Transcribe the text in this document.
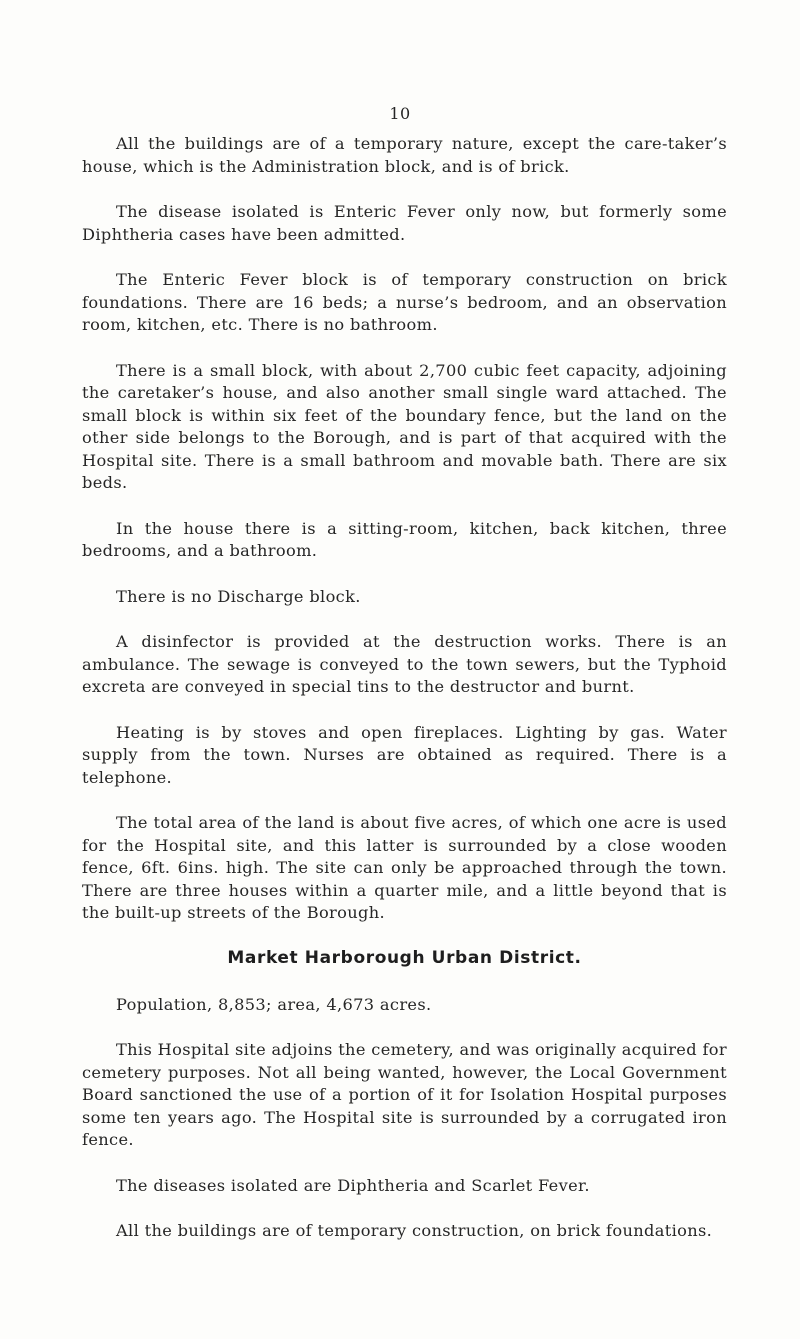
10

All the buildings are of a temporary nature, except the care-taker’s house, which is the Administration block, and is of brick.

The disease isolated is Enteric Fever only now, but formerly some Diphtheria cases have been admitted.

The Enteric Fever block is of temporary construction on brick foundations. There are 16 beds; a nurse’s bedroom, and an observation room, kitchen, etc. There is no bathroom.

There is a small block, with about 2,700 cubic feet capacity, adjoining the caretaker’s house, and also another small single ward attached. The small block is within six feet of the boundary fence, but the land on the other side belongs to the Borough, and is part of that acquired with the Hospital site. There is a small bathroom and movable bath. There are six beds.

In the house there is a sitting-room, kitchen, back kitchen, three bedrooms, and a bathroom.

There is no Discharge block.

A disinfector is provided at the destruction works. There is an ambulance. The sewage is conveyed to the town sewers, but the Typhoid excreta are conveyed in special tins to the destructor and burnt.

Heating is by stoves and open fireplaces. Lighting by gas. Water supply from the town. Nurses are obtained as required. There is a telephone.

The total area of the land is about five acres, of which one acre is used for the Hospital site, and this latter is surrounded by a close wooden fence, 6ft. 6ins. high. The site can only be approached through the town. There are three houses within a quarter mile, and a little beyond that is the built-up streets of the Borough.

Market Harborough Urban District.

Population, 8,853; area, 4,673 acres.

This Hospital site adjoins the cemetery, and was originally acquired for cemetery purposes. Not all being wanted, however, the Local Government Board sanctioned the use of a portion of it for Isolation Hospital purposes some ten years ago. The Hospital site is surrounded by a corrugated iron fence.

The diseases isolated are Diphtheria and Scarlet Fever.

All the buildings are of temporary construction, on brick foundations.
